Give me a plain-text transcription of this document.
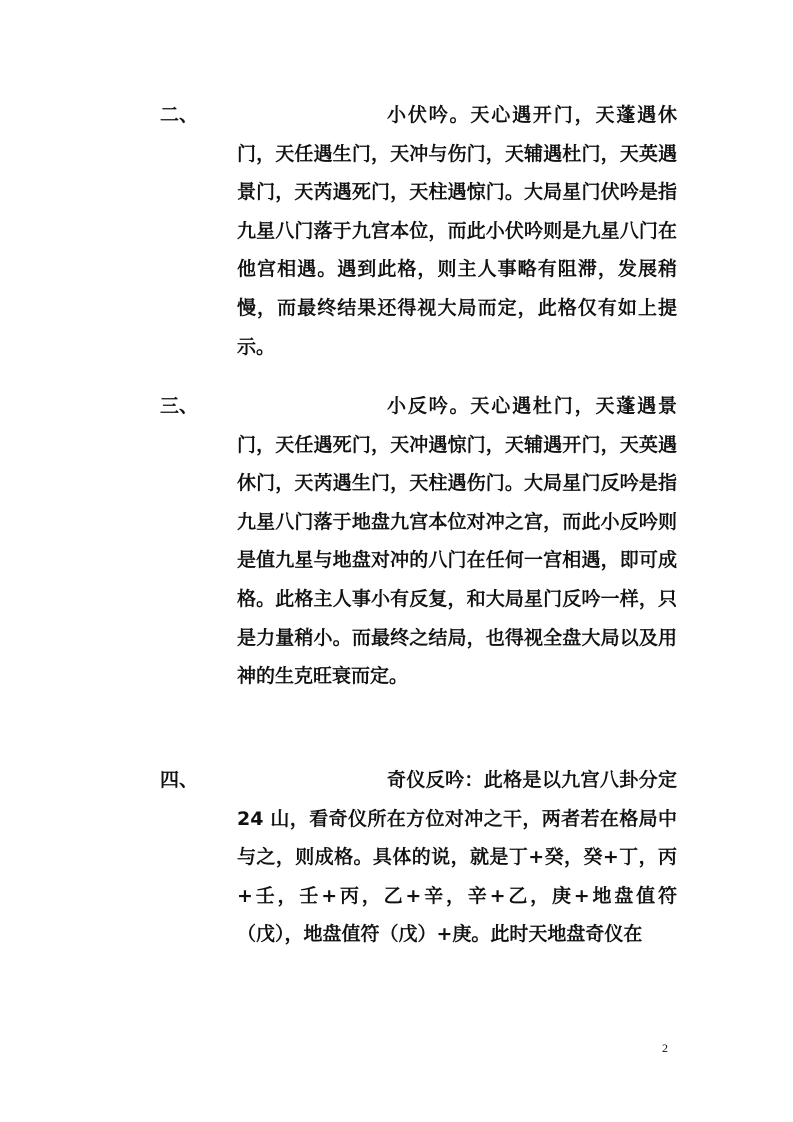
二、	小伏吟。天心遇开门，天蓬遇休门，天任遇生门，天冲与伤门，天辅遇杜门，天英遇景门，天芮遇死门，天柱遇惊门。大局星门伏吟是指九星八门落于九宫本位，而此小伏吟则是九星八门在他宫相遇。遇到此格，则主人事略有阻滞，发展稍慢，而最终结果还得视大局而定，此格仅有如上提示。

三、	小反吟。天心遇杜门，天蓬遇景门，天任遇死门，天冲遇惊门，天辅遇开门，天英遇休门，天芮遇生门，天柱遇伤门。大局星门反吟是指九星八门落于地盘九宫本位对冲之宫，而此小反吟则是值九星与地盘对冲的八门在任何一宫相遇，即可成格。此格主人事小有反复，和大局星门反吟一样，只是力量稍小。而最终之结局，也得视全盘大局以及用神的生克旺衰而定。

四、	奇仪反吟：此格是以九宫八卦分定 24 山，看奇仪所在方位对冲之干，两者若在格局中与之，则成格。具体的说，就是丁+癸，癸+丁，丙+壬，壬+丙，乙+辛，辛+乙，庚+地盘值符（戊），地盘值符（戊）+庚。此时天地盘奇仪在

2
